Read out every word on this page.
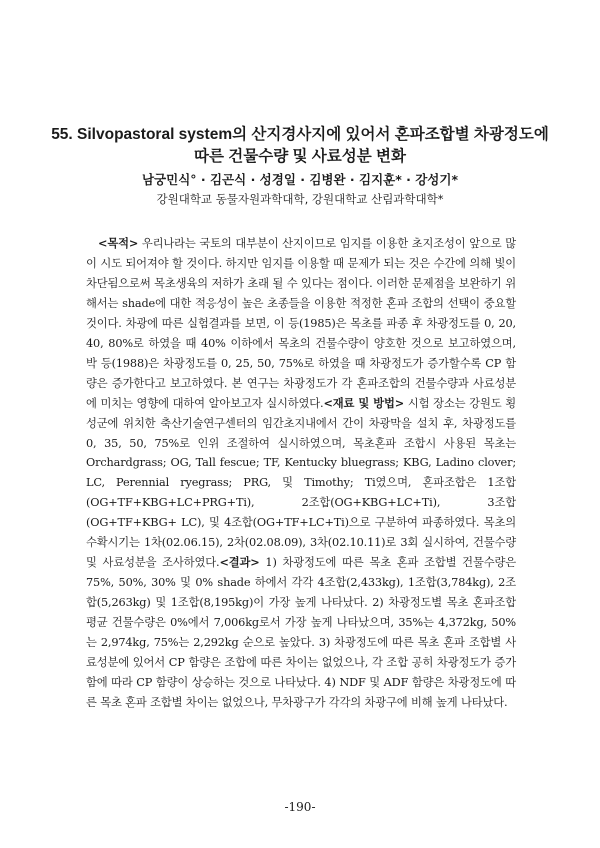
55. Silvopastoral system의 산지경사지에 있어서 혼파조합별 차광정도에
따른 건물수량 및 사료성분 변화
남궁민식° · 김곤식 · 성경일 · 김병완 · 김지훈* · 강성기*
강원대학교 동물자원과학대학, 강원대학교 산림과학대학*

<목적> 우리나라는 국토의 대부분이 산지이므로 임지를 이용한 초지조성이 앞으로 많이 시도 되어져야 할 것이다. 하지만 임지를 이용할 때 문제가 되는 것은 수간에 의해 빛이 차단됨으로써 목초생육의 저하가 초래 될 수 있다는 점이다. 이러한 문제점을 보완하기 위해서는 shade에 대한 적응성이 높은 초종들을 이용한 적정한 혼파 조합의 선택이 중요할 것이다. 차광에 따른 실험결과를 보면, 이 등(1985)은 목초를 파종 후 차광정도를 0, 20, 40, 80%로 하였을 때 40% 이하에서 목초의 건물수량이 양호한 것으로 보고하였으며, 박 등(1988)은 차광정도를 0, 25, 50, 75%로 하였을 때 차광정도가 증가할수록 CP 함량은 증가한다고 보고하였다. 본 연구는 차광정도가 각 혼파조합의 건물수량과 사료성분에 미치는 영향에 대하여 알아보고자 실시하였다.<재료 및 방법> 시험 장소는 강원도 횡성군에 위치한 축산기술연구센터의 임간초지내에서 간이 차광막을 설치 후, 차광정도를 0, 35, 50, 75%로 인위 조절하여 실시하였으며, 목초혼파 조합시 사용된 목초는 Orchardgrass; OG, Tall fescue; TF, Kentucky bluegrass; KBG, Ladino clover; LC, Perennial ryegrass; PRG, 및 Timothy; Ti였으며, 혼파조합은 1조합(OG+TF+KBG+LC+PRG+Ti), 2조합(OG+KBG+LC+Ti), 3조합(OG+TF+KBG+ LC), 및 4조합(OG+TF+LC+Ti)으로 구분하여 파종하였다. 목초의 수확시기는 1차(02.06.15), 2차(02.08.09), 3차(02.10.11)로 3회 실시하여, 건물수량 및 사료성분을 조사하였다.<결과> 1) 차광정도에 따른 목초 혼파 조합별 건물수량은 75%, 50%, 30% 및 0% shade 하에서 각각 4조합(2,433kg), 1조합(3,784kg), 2조합(5,263kg) 및 1조합(8,195kg)이 가장 높게 나타났다. 2) 차광정도별 목초 혼파조합 평균 건물수량은 0%에서 7,006kg로서 가장 높게 나타났으며, 35%는 4,372kg, 50%는 2,974kg, 75%는 2,292kg 순으로 높았다. 3) 차광정도에 따른 목초 혼파 조합별 사료성분에 있어서 CP 함량은 조합에 따른 차이는 없었으나, 각 조합 공히 차광정도가 증가함에 따라 CP 함량이 상승하는 것으로 나타났다. 4) NDF 및 ADF 함량은 차광정도에 따른 목초 혼파 조합별 차이는 없었으나, 무차광구가 각각의 차광구에 비해 높게 나타났다.

-190-
